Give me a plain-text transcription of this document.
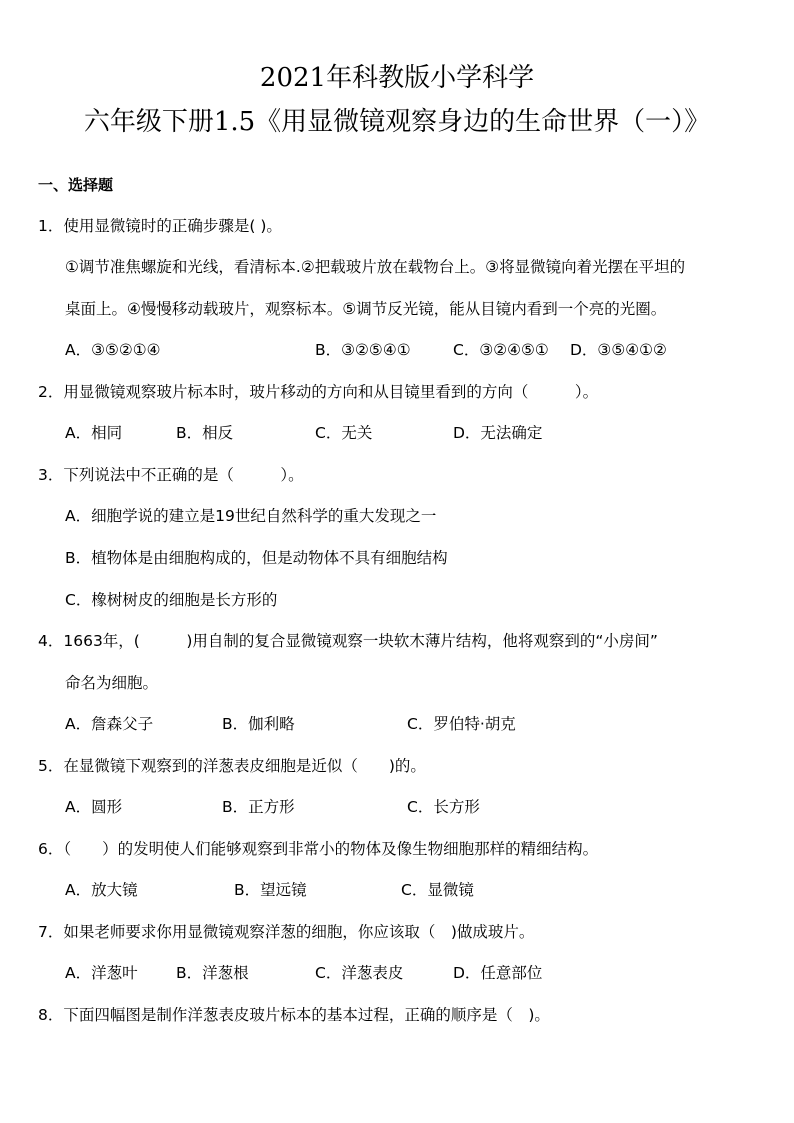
2021年科教版小学科学
六年级下册1.5《用显微镜观察身边的生命世界（一）》
一、选择题
1．使用显微镜时的正确步骤是( )。
①调节准焦螺旋和光线，看清标本.②把载玻片放在载物台上。③将显微镜向着光摆在平坦的
桌面上。④慢慢移动载玻片，观察标本。⑤调节反光镜，能从目镜内看到一个亮的光圈。
A．③⑤②①④	B．③②⑤④①	C．③②④⑤① D．③⑤④①②
2．用显微镜观察玻片标本时，玻片移动的方向和从目镜里看到的方向（　　　）。
A．相同	B．相反	C．无关	D．无法确定
3．下列说法中不正确的是（　　　）。
A．细胞学说的建立是19世纪自然科学的重大发现之一
B．植物体是由细胞构成的，但是动物体不具有细胞结构
C．橡树树皮的细胞是长方形的
4．1663年，(　　　)用自制的复合显微镜观察一块软木薄片结构，他将观察到的“小房间”
命名为细胞。
A．詹森父子	B．伽利略	C．罗伯特·胡克
5．在显微镜下观察到的洋葱表皮细胞是近似（　　)的。
A．圆形	B．正方形	C．长方形
6．（　　）的发明使人们能够观察到非常小的物体及像生物细胞那样的精细结构。
A．放大镜	B．望远镜	C．显微镜
7．如果老师要求你用显微镜观察洋葱的细胞，你应该取（　)做成玻片。
A．洋葱叶 B．洋葱根	C．洋葱表皮	D．任意部位
8．下面四幅图是制作洋葱表皮玻片标本的基本过程，正确的顺序是（　)。
